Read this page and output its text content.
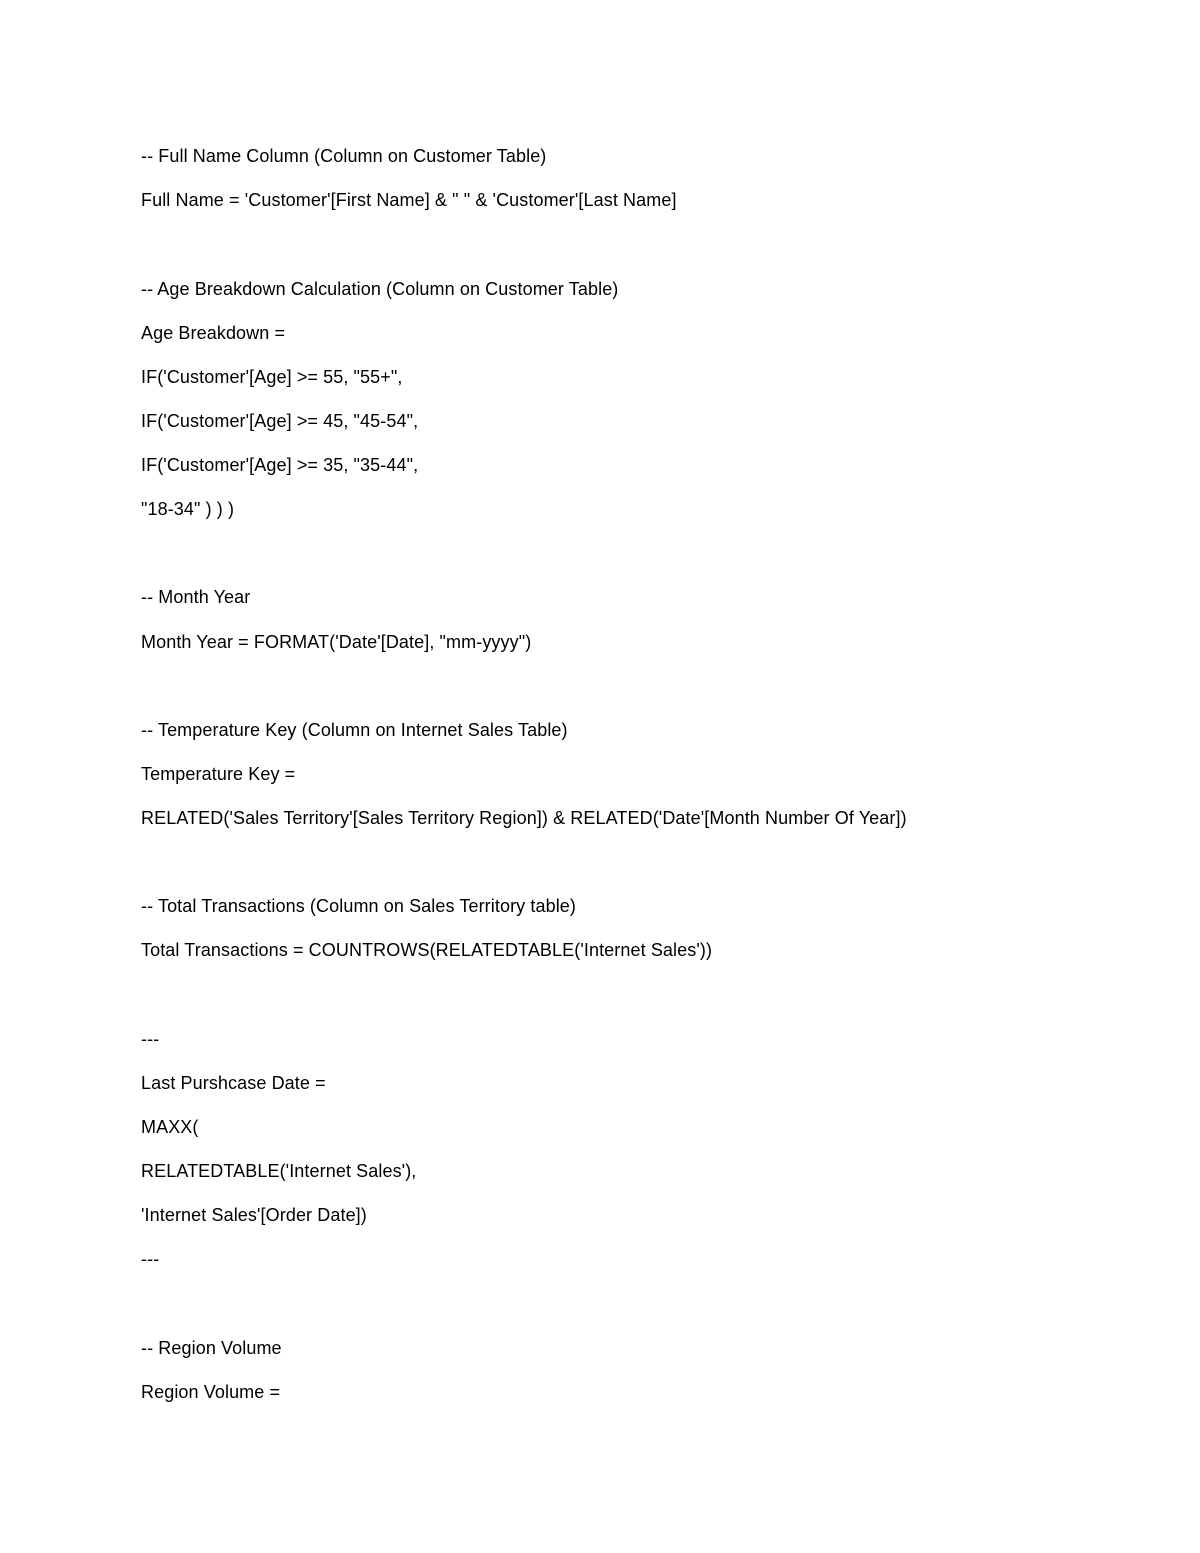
-- Full Name Column (Column on Customer Table)
Full Name = 'Customer'[First Name] & " " & 'Customer'[Last Name]
-- Age Breakdown Calculation (Column on Customer Table)
Age Breakdown =
IF('Customer'[Age] >= 55, "55+",
IF('Customer'[Age] >= 45, "45-54",
IF('Customer'[Age] >= 35, "35-44",
"18-34" ) ) )
-- Month Year
Month Year = FORMAT('Date'[Date], "mm-yyyy")
-- Temperature Key (Column on Internet Sales Table)
Temperature Key =
RELATED('Sales Territory'[Sales Territory Region]) & RELATED('Date'[Month Number Of Year])
-- Total Transactions (Column on Sales Territory table)
Total Transactions = COUNTROWS(RELATEDTABLE('Internet Sales'))
---
Last Purshcase Date =
MAXX(
RELATEDTABLE('Internet Sales'),
'Internet Sales'[Order Date])
---
-- Region Volume
Region Volume =
